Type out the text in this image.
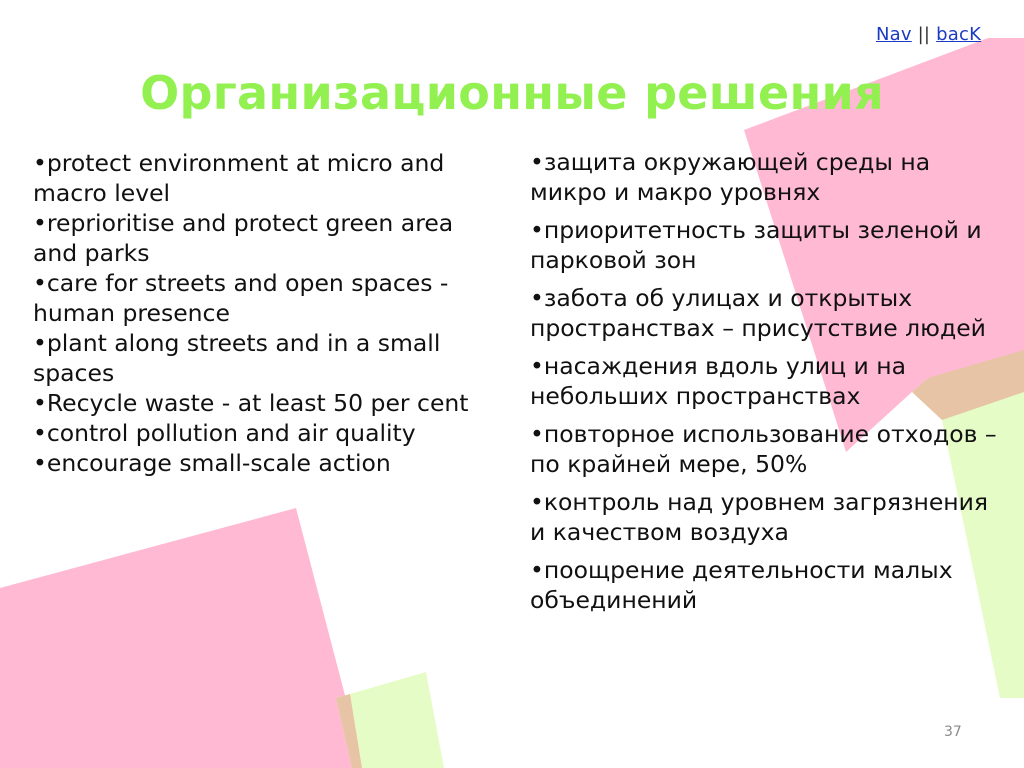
Nav || bacK
Организационные решения
•protect environment at micro and macro level
•reprioritise and protect green area and parks
•care for streets and open spaces - human presence
•plant along streets and in a small spaces
•Recycle waste - at least 50 per cent
•control pollution and air quality
•encourage small-scale action
•защита окружающей среды на микро и макро уровнях
•приоритетность защиты зеленой и парковой зон
•забота об улицах и открытых пространствах – присутствие людей
•насаждения вдоль улиц и на небольших пространствах
•повторное использование отходов – по крайней мере, 50%
•контроль над уровнем загрязнения и качеством воздуха
•поощрение деятельности малых объединений
37
